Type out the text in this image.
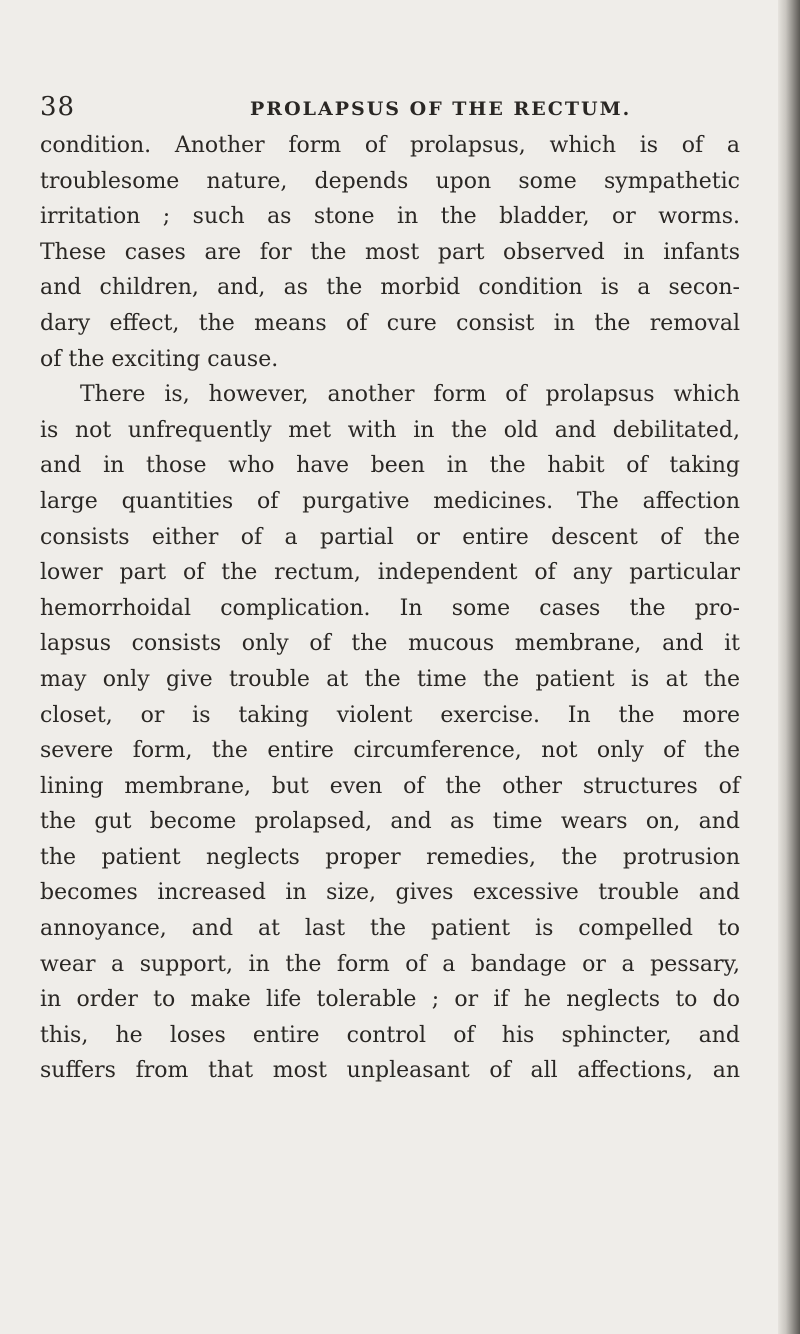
38	PROLAPSUS OF THE RECTUM.
condition. Another form of prolapsus, which is of a
troublesome nature, depends upon some sympathetic
irritation ; such as stone in the bladder, or worms.
These cases are for the most part observed in infants
and children, and, as the morbid condition is a secon-
dary effect, the means of cure consist in the removal
of the exciting cause.
There is, however, another form of prolapsus which
is not unfrequently met with in the old and debilitated,
and in those who have been in the habit of taking
large quantities of purgative medicines. The affection
consists either of a partial or entire descent of the
lower part of the rectum, independent of any particular
hemorrhoidal complication. In some cases the pro-
lapsus consists only of the mucous membrane, and it
may only give trouble at the time the patient is at the
closet, or is taking violent exercise. In the more
severe form, the entire circumference, not only of the
lining membrane, but even of the other structures of
the gut become prolapsed, and as time wears on, and
the patient neglects proper remedies, the protrusion
becomes increased in size, gives excessive trouble and
annoyance, and at last the patient is compelled to
wear a support, in the form of a bandage or a pessary,
in order to make life tolerable ; or if he neglects to do
this, he loses entire control of his sphincter, and
suffers from that most unpleasant of all affections, an
